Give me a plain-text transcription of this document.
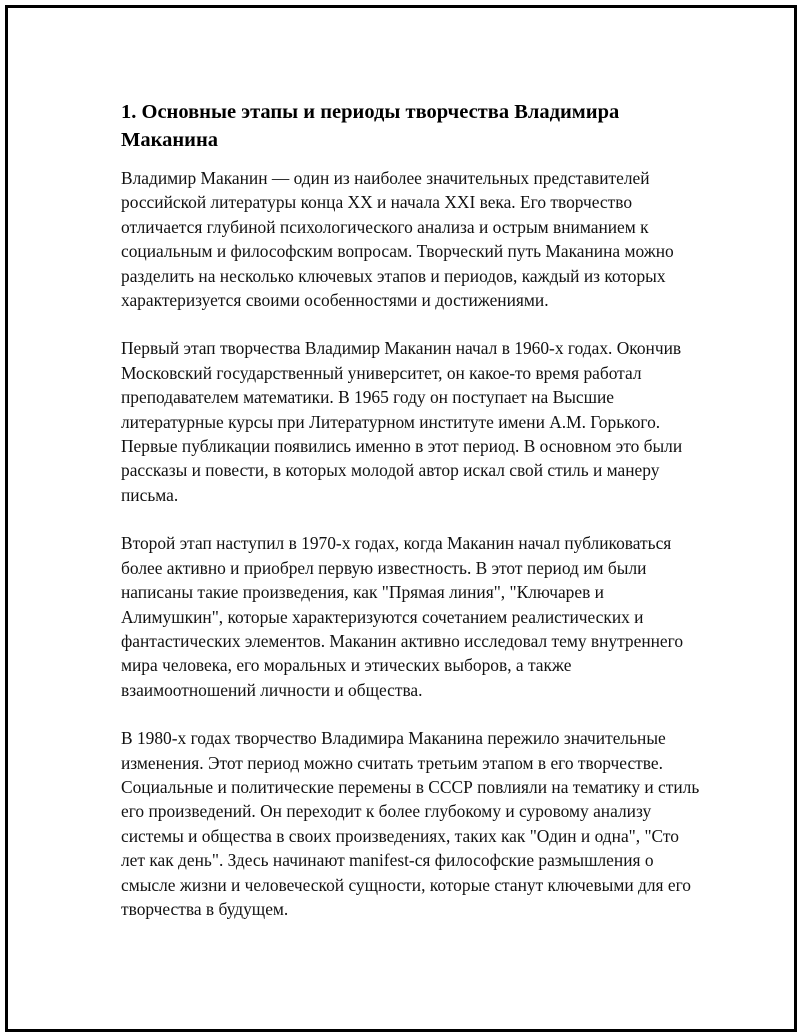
1. Основные этапы и периоды творчества Владимира Маканина

Владимир Маканин — один из наиболее значительных представителей российской литературы конца XX и начала XXI века. Его творчество отличается глубиной психологического анализа и острым вниманием к социальным и философским вопросам. Творческий путь Маканина можно разделить на несколько ключевых этапов и периодов, каждый из которых характеризуется своими особенностями и достижениями.

Первый этап творчества Владимир Маканин начал в 1960-х годах. Окончив Московский государственный университет, он какое-то время работал преподавателем математики. В 1965 году он поступает на Высшие литературные курсы при Литературном институте имени А.М. Горького. Первые публикации появились именно в этот период. В основном это были рассказы и повести, в которых молодой автор искал свой стиль и манеру письма.

Второй этап наступил в 1970-х годах, когда Маканин начал публиковаться более активно и приобрел первую известность. В этот период им были написаны такие произведения, как "Прямая линия", "Ключарев и Алимушкин", которые характеризуются сочетанием реалистических и фантастических элементов. Маканин активно исследовал тему внутреннего мира человека, его моральных и этических выборов, а также взаимоотношений личности и общества.

В 1980-х годах творчество Владимира Маканина пережило значительные изменения. Этот период можно считать третьим этапом в его творчестве. Социальные и политические перемены в СССР повлияли на тематику и стиль его произведений. Он переходит к более глубокому и суровому анализу системы и общества в своих произведениях, таких как "Один и одна", "Сто лет как день". Здесь начинают manifest-ся философские размышления о смысле жизни и человеческой сущности, которые станут ключевыми для его творчества в будущем.
